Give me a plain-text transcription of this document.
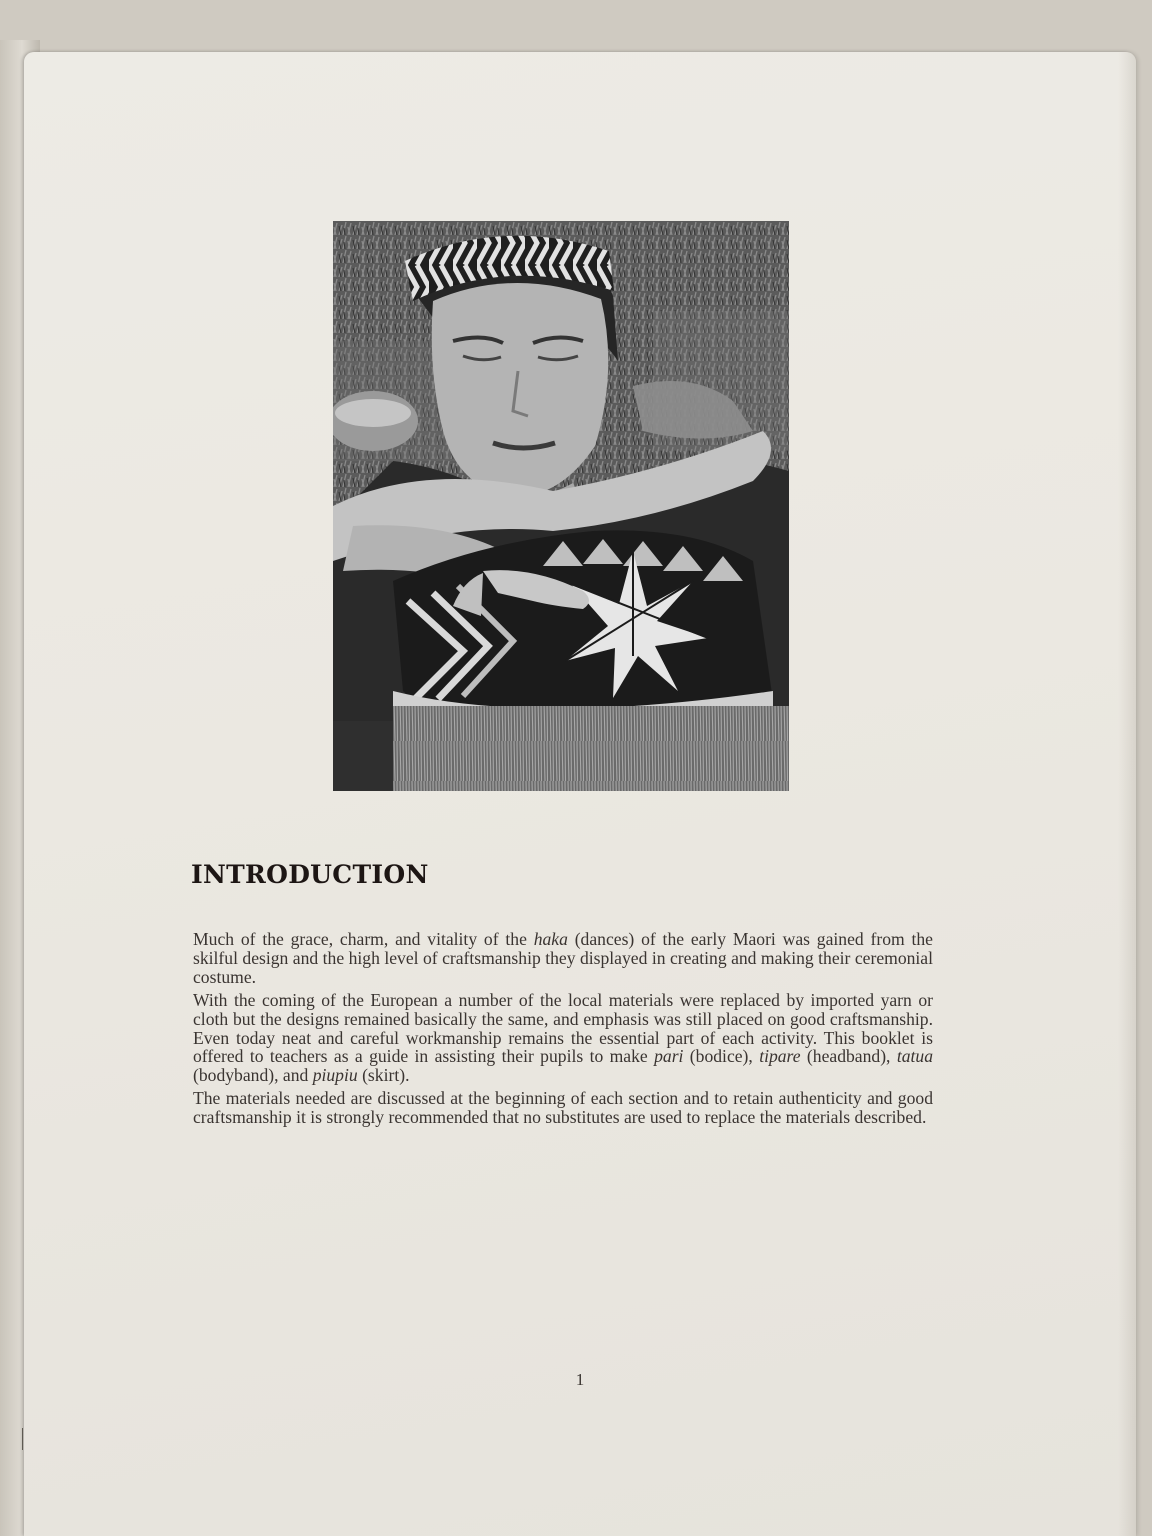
INTRODUCTION

Much of the grace, charm, and vitality of the haka (dances) of the early Maori was gained from the skilful design and the high level of craftsmanship they displayed in creating and making their ceremonial costume.

With the coming of the European a number of the local materials were replaced by imported yarn or cloth but the designs remained basically the same, and emphasis was still placed on good craftsmanship. Even today neat and careful workmanship remains the essential part of each activity. This booklet is offered to teachers as a guide in assisting their pupils to make pari (bodice), tipare (headband), tatua (bodyband), and piupiu (skirt).

The materials needed are discussed at the beginning of each section and to retain authenticity and good craftsmanship it is strongly recommended that no substitutes are used to replace the materials described.

1
